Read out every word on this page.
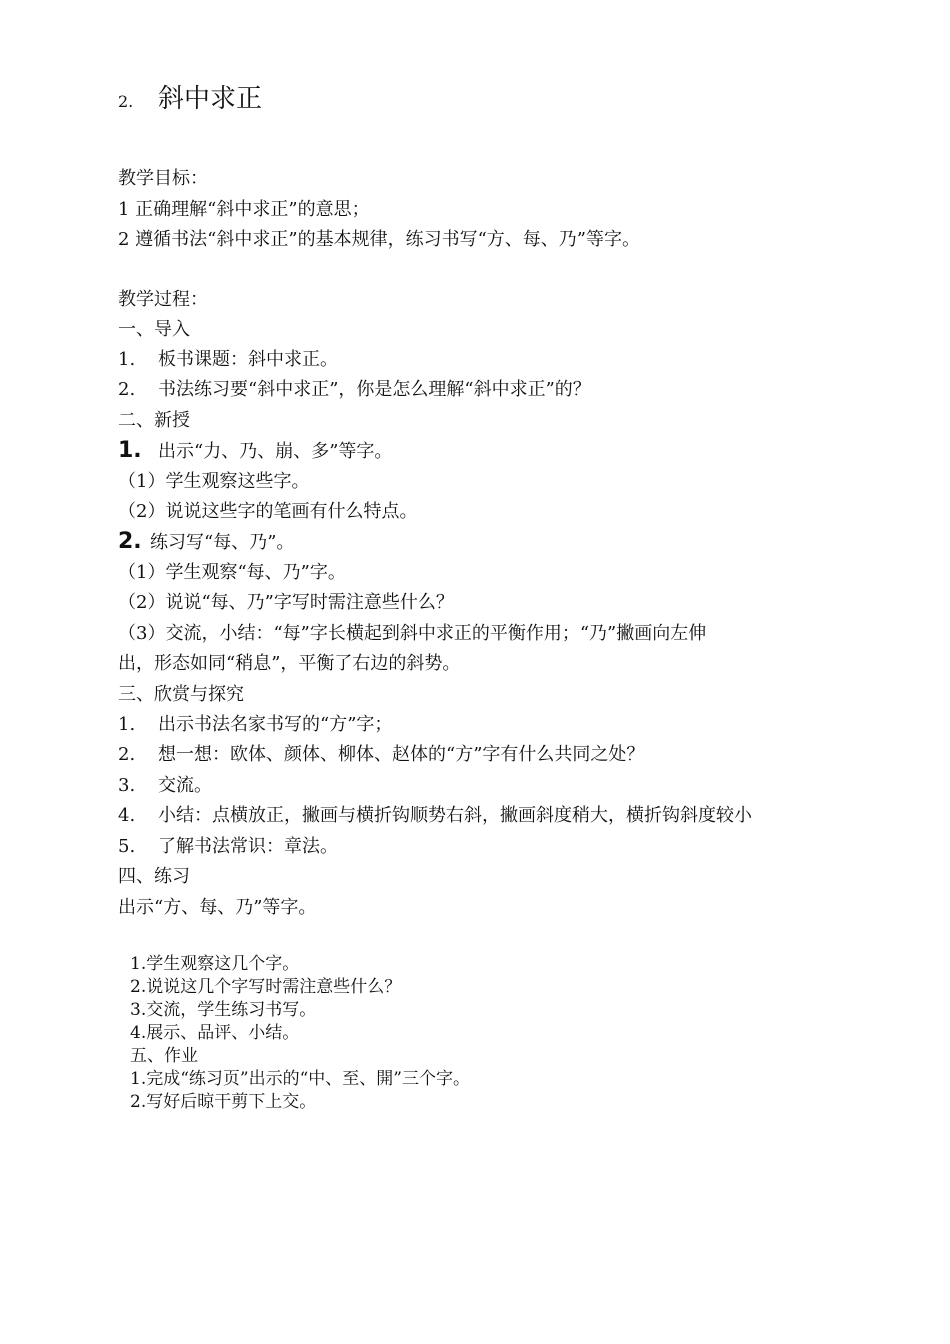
2. 斜中求正
教学目标：
1 正确理解“斜中求正”的意思；
2 遵循书法“斜中求正”的基本规律，练习书写“方、每、乃”等字。
教学过程：
一、导入
1. 板书课题：斜中求正。
2. 书法练习要“斜中求正”，你是怎么理解“斜中求正”的？
二、新授
1. 出示“力、乃、崩、多”等字。
（1）学生观察这些字。
（2）说说这些字的笔画有什么特点。
2. 练习写“每、乃”。
（1）学生观察“每、乃”字。
（2）说说“每、乃”字写时需注意些什么？
（3）交流，小结：“每”字长横起到斜中求正的平衡作用；“乃”撇画向左伸
出，形态如同“稍息”，平衡了右边的斜势。
三、欣赏与探究
1. 出示书法名家书写的“方”字；
2. 想一想：欧体、颜体、柳体、赵体的“方”字有什么共同之处？
3. 交流。
4. 小结：点横放正，撇画与横折钩顺势右斜，撇画斜度稍大，横折钩斜度较小
5. 了解书法常识：章法。
四、练习
出示“方、每、乃”等字。
1.学生观察这几个字。
2.说说这几个字写时需注意些什么？
3.交流，学生练习书写。
4.展示、品评、小结。
五、作业
1.完成“练习页”出示的“中、至、開”三个字。
2.写好后晾干剪下上交。
